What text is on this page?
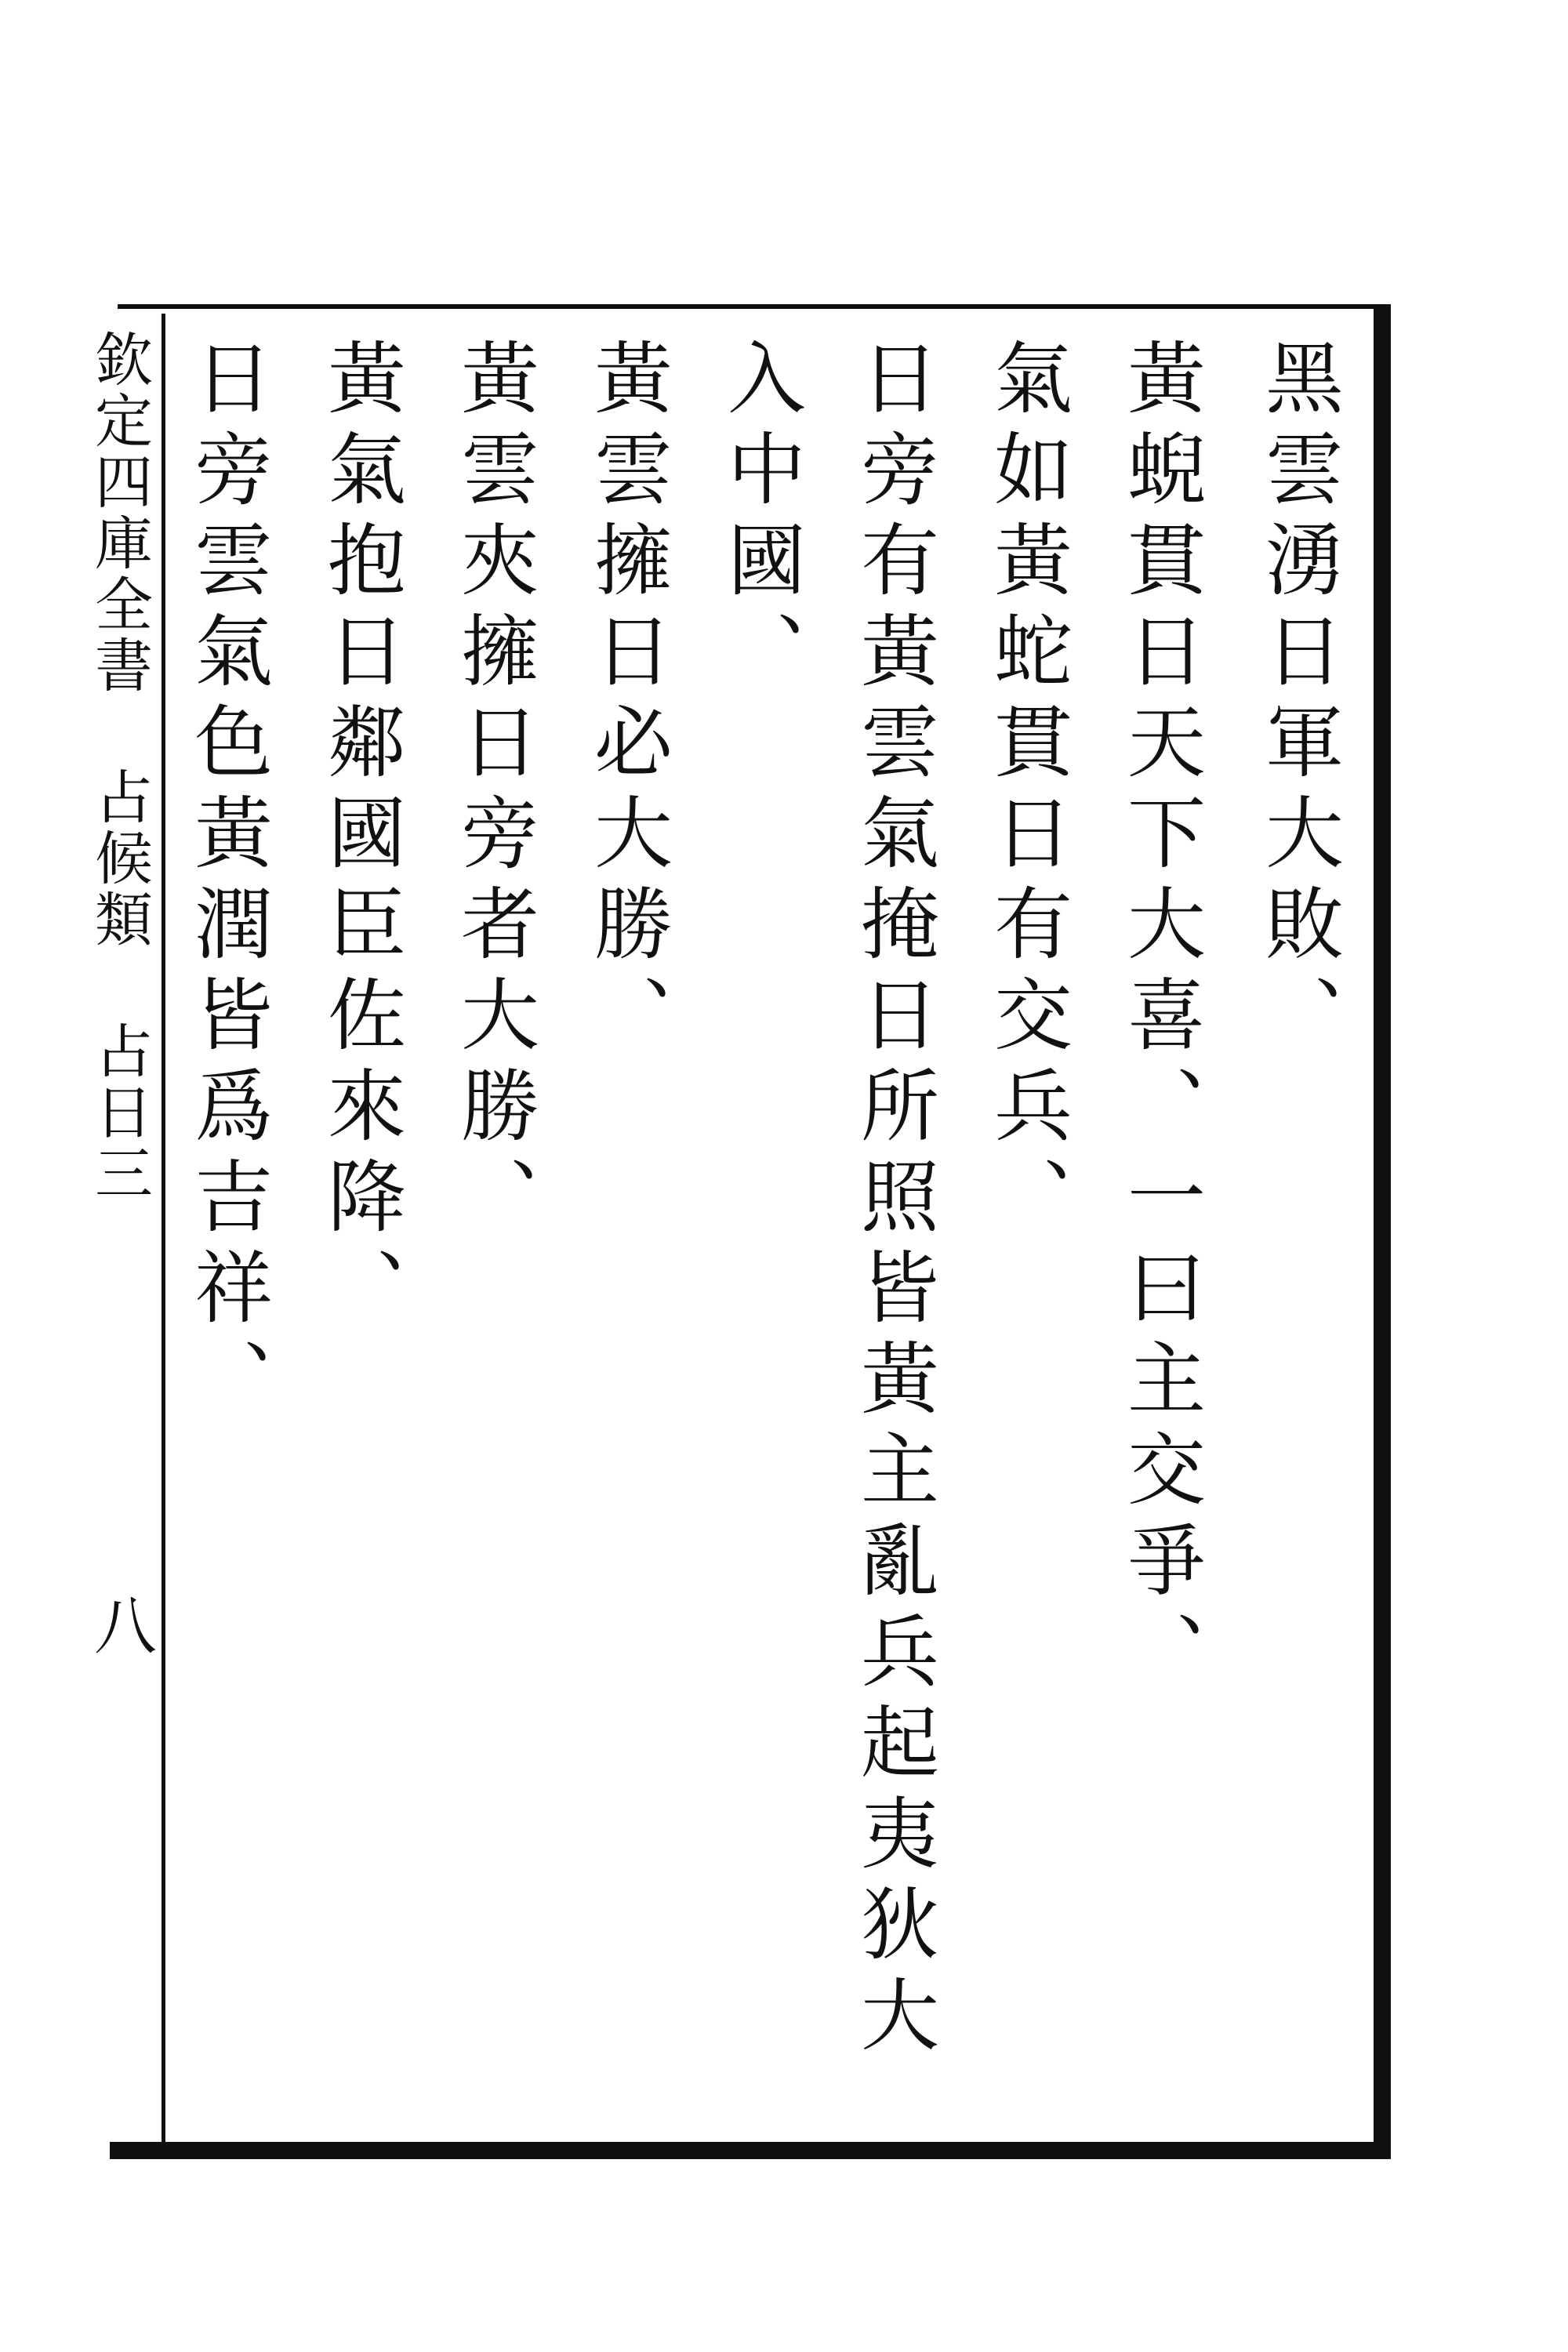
黑雲湧日軍大敗、
黃蜺貫日天下大喜、一曰主交爭、
氣如黃蛇貫日有交兵、
日旁有黃雲氣掩日所照皆黃主亂兵起夷狄大
入中國、
黃雲擁日必大勝、
黃雲夾擁日旁者大勝、
黃氣抱日鄰國臣佐來降、
日旁雲氣色黃潤皆爲吉祥、
欽定四庫全書 占候類 占日三
八
